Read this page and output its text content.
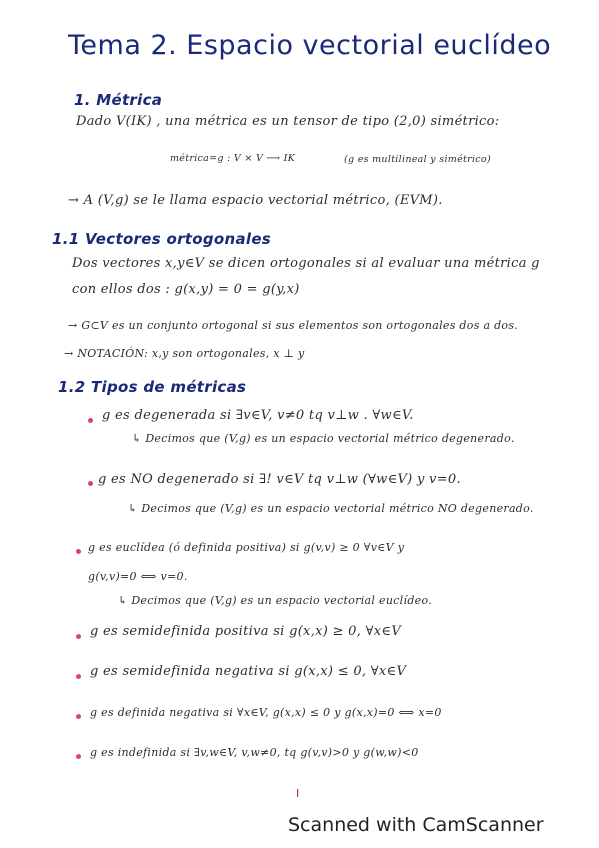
Tema 2. Espacio vectorial euclídeo
1. Métrica
Dado V(IK) , una métrica es un tensor de tipo (2,0) simétrico:
métrica=g : V × V ⟶ IK	(g es multilineal y simétrico)
→ A (V,g) se le llama espacio vectorial métrico, (EVM).
1.1 Vectores ortogonales
Dos vectores x,y∈V se dicen ortogonales si al evaluar una métrica g
con ellos dos : g(x,y) = 0 = g(y,x)
→ G⊂V es un conjunto ortogonal si sus elementos son ortogonales dos a dos.
→ NOTACIÓN: x,y son ortogonales, x ⊥ y
1.2 Tipos de métricas
g es degenerada si ∃v∈V, v≠0 tq v⊥w . ∀w∈V.
↳ Decimos que (V,g) es un espacio vectorial métrico degenerado.
g es NO degenerado si ∃! v∈V tq v⊥w (∀w∈V) y v=0.
↳ Decimos que (V,g) es un espacio vectorial métrico NO degenerado.
g es euclídea (ó definida positiva) si g(v,v) ≥ 0 ∀v∈V y
g(v,v)=0 ⟺ v=0.
↳ Decimos que (V,g) es un espacio vectorial euclídeo.
g es semidefinida positiva si g(x,x) ≥ 0, ∀x∈V
g es semidefinida negativa si g(x,x) ≤ 0, ∀x∈V
g es definida negativa si ∀x∈V, g(x,x) ≤ 0 y g(x,x)=0 ⟺ x=0
g es indefinida si ∃v,w∈V, v,w≠0, tq g(v,v)>0 y g(w,w)<0
I
Scanned with CamScanner
